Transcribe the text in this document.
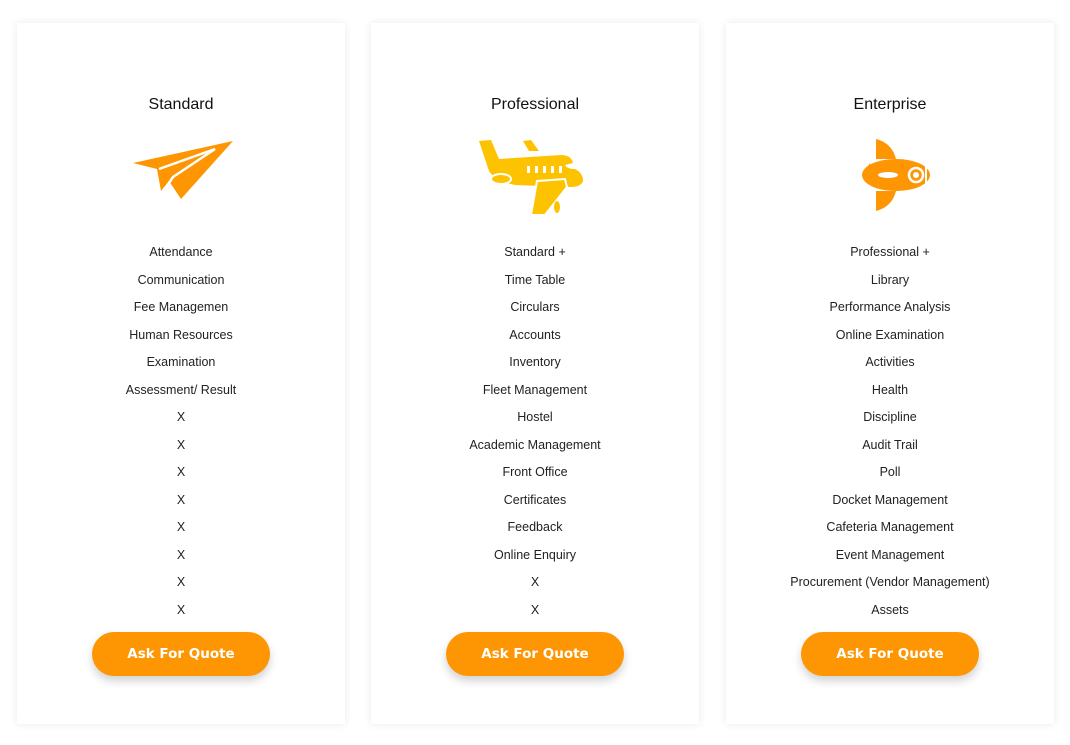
Standard
Attendance
Communication
Fee Managemen
Human Resources
Examination
Assessment/ Result
X
X
X
X
X
X
X
X
Ask For Quote
Professional
Standard +
Time Table
Circulars
Accounts
Inventory
Fleet Management
Hostel
Academic Management
Front Office
Certificates
Feedback
Online Enquiry
X
X
Ask For Quote
Enterprise
Professional +
Library
Performance Analysis
Online Examination
Activities
Health
Discipline
Audit Trail
Poll
Docket Management
Cafeteria Management
Event Management
Procurement (Vendor Management)
Assets
Ask For Quote
